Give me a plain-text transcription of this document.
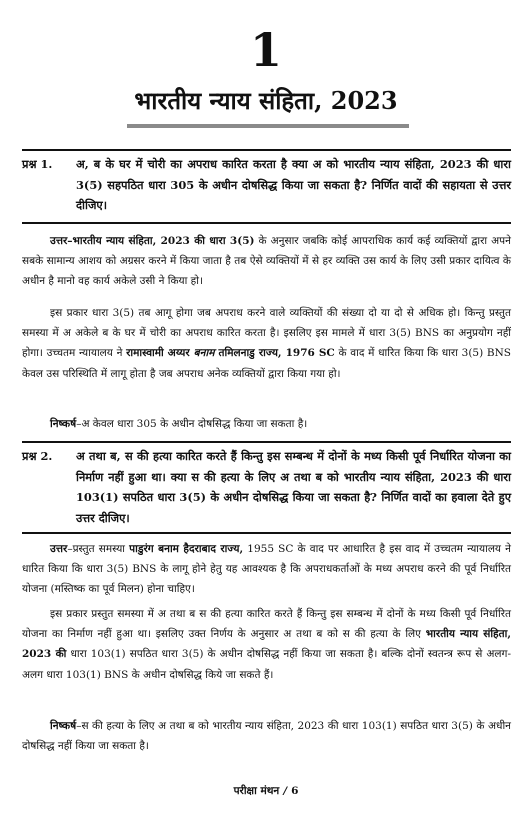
1
भारतीय न्याय संहिता, 2023
प्रश्न 1.	अ, ब के घर में चोरी का अपराध कारित करता है क्या अ को भारतीय न्याय संहिता, 2023 की धारा 3(5) सहपठित धारा 305 के अधीन दोषसिद्ध किया जा सकता है? निर्णित वादों की सहायता से उत्तर दीजिए।
उत्तर–भारतीय न्याय संहिता, 2023 की धारा 3(5) के अनुसार जबकि कोई आपराधिक कार्य कई व्यक्तियों द्वारा अपने सबके सामान्य आशय को अग्रसर करने में किया जाता है तब ऐसे व्यक्तियों में से हर व्यक्ति उस कार्य के लिए उसी प्रकार दायित्व के अधीन है मानो वह कार्य अकेले उसी ने किया हो।
इस प्रकार धारा 3(5) तब आगू होगा जब अपराध करने वाले व्यक्तियों की संख्या दो या दो से अधिक हो। किन्तु प्रस्तुत समस्या में अ अकेले ब के घर में चोरी का अपराध कारित करता है। इसलिए इस मामले में धारा 3(5) BNS का अनुप्रयोग नहीं होगा। उच्चतम न्यायालय ने रामास्वामी अय्यर बनाम तमिलनाडु राज्य, 1976 SC के वाद में धारित किया कि धारा 3(5) BNS केवल उस परिस्थिति में लागू होता है जब अपराध अनेक व्यक्तियों द्वारा किया गया हो।
निष्कर्ष–अ केवल धारा 305 के अधीन दोषसिद्ध किया जा सकता है।
प्रश्न 2.	अ तथा ब, स की हत्या कारित करते हैं किन्तु इस सम्बन्ध में दोनों के मध्य किसी पूर्व निर्धारित योजना का निर्माण नहीं हुआ था। क्या स की हत्या के लिए अ तथा ब को भारतीय न्याय संहिता, 2023 की धारा 103(1) सपठित धारा 3(5) के अधीन दोषसिद्ध किया जा सकता है? निर्णित वादों का हवाला देते हुए उत्तर दीजिए।
उत्तर–प्रस्तुत समस्या पाडुरंग बनाम हैदराबाद राज्य, 1955 SC के वाद पर आधारित है इस वाद में उच्चतम न्यायालय ने धारित किया कि धारा 3(5) BNS के लागू होने हेतु यह आवश्यक है कि अपराधकर्ताओं के मध्य अपराध करने की पूर्व निर्धारित योजना (मस्तिष्क का पूर्व मिलन) होना चाहिए।
इस प्रकार प्रस्तुत समस्या में अ तथा ब स की हत्या कारित करते हैं किन्तु इस सम्बन्ध में दोनों के मध्य किसी पूर्व निर्धारित योजना का निर्माण नहीं हुआ था। इसलिए उक्त निर्णय के अनुसार अ तथा ब को स की हत्या के लिए भारतीय न्याय संहिता, 2023 की धारा 103(1) सपठित धारा 3(5) के अधीन दोषसिद्ध नहीं किया जा सकता है। बल्कि दोनों स्वतन्त्र रूप से अलग-अलग धारा 103(1) BNS के अधीन दोषसिद्ध किये जा सकते हैं।
निष्कर्ष–स की हत्या के लिए अ तथा ब को भारतीय न्याय संहिता, 2023 की धारा 103(1) सपठित धारा 3(5) के अधीन दोषसिद्ध नहीं किया जा सकता है।
परीक्षा मंथन / 6
